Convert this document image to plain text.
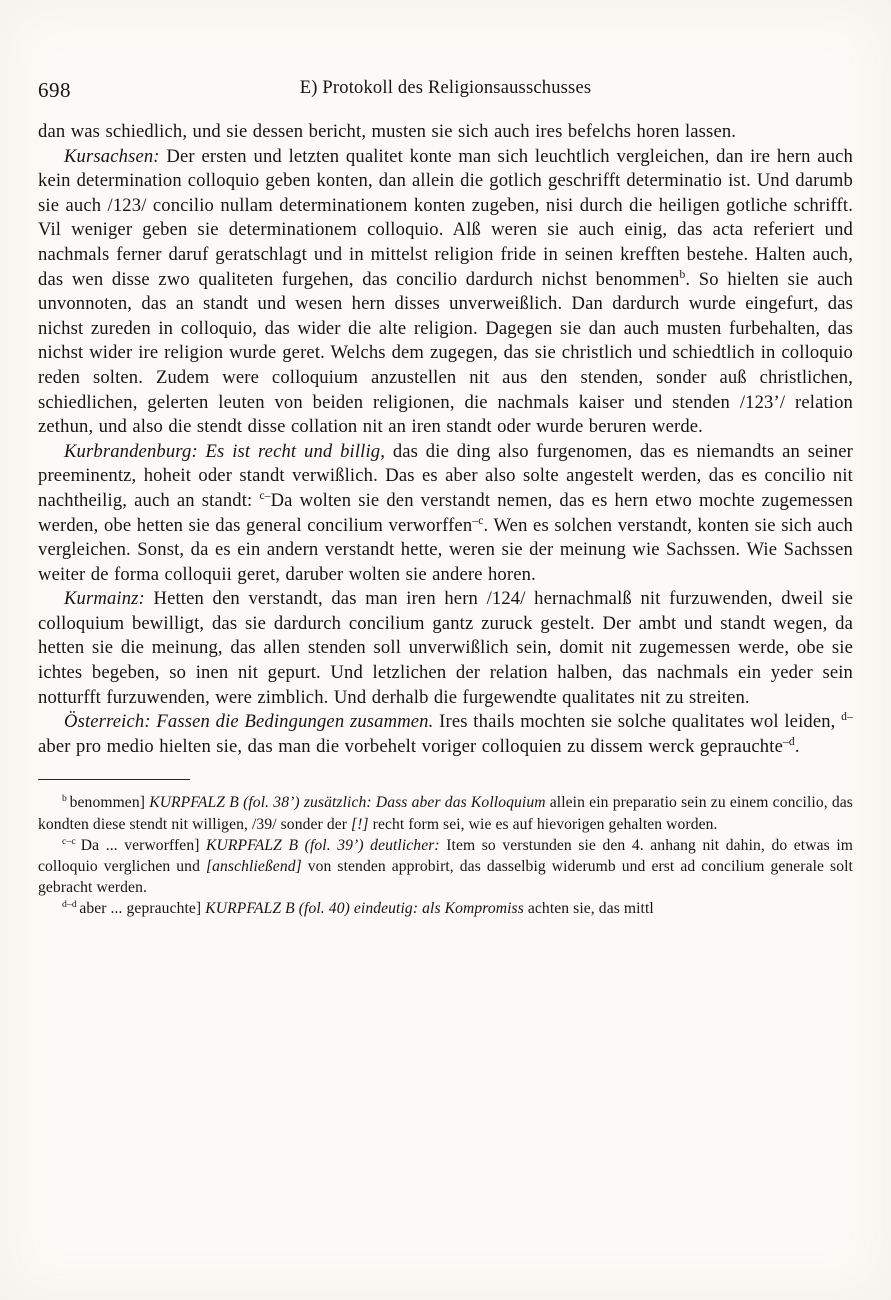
698	E) Protokoll des Religionsausschusses

dan was schiedlich, und sie dessen bericht, musten sie sich auch ires befelchs horen lassen.

Kursachsen: Der ersten und letzten qualitet konte man sich leuchtlich vergleichen, dan ire hern auch kein determination colloquio geben konten, dan allein die gotlich geschrifft determinatio ist. Und darumb sie auch /123/ concilio nullam determinationem konten zugeben, nisi durch die heiligen gotliche schrifft. Vil weniger geben sie determinationem colloquio. Alß weren sie auch einig, das acta referiert und nachmals ferner daruf geratschlagt und in mittelst religion fride in seinen krefften bestehe. Halten auch, das wen disse zwo qualiteten furgehen, das concilio dardurch nichst benommen$^b$. So hielten sie auch unvonnoten, das an standt und wesen hern disses unverweißlich. Dan dardurch wurde eingefurt, das nichst zureden in colloquio, das wider die alte religion. Dagegen sie dan auch musten furbehalten, das nichst wider ire religion wurde geret. Welchs dem zugegen, das sie christlich und schiedtlich in colloquio reden solten. Zudem were colloquium anzustellen nit aus den stenden, sonder auß christlichen, schiedlichen, gelerten leuten von beiden religionen, die nachmals kaiser und stenden /123’/ relation zethun, und also die stendt disse collation nit an iren standt oder wurde beruren werde.

Kurbrandenburg: Es ist recht und billig, das die ding also furgenomen, das es niemandts an seiner preeminentz, hoheit oder standt verwißlich. Das es aber also solte angestelt werden, das es concilio nit nachtheilig, auch an standt: $^{c-}$Da wolten sie den verstandt nemen, das es hern etwo mochte zugemessen werden, obe hetten sie das general concilium verworffen$^{-c}$. Wen es solchen verstandt, konten sie sich auch vergleichen. Sonst, da es ein andern verstandt hette, weren sie der meinung wie Sachssen. Wie Sachssen weiter de forma colloquii geret, daruber wolten sie andere horen.

Kurmainz: Hetten den verstandt, das man iren hern /124/ hernachmalß nit furzuwenden, dweil sie colloquium bewilligt, das sie dardurch concilium gantz zuruck gestelt. Der ambt und standt wegen, da hetten sie die meinung, das allen stenden soll unverwißlich sein, domit nit zugemessen werde, obe sie ichtes begeben, so inen nit gepurt. Und letzlichen der relation halben, das nachmals ein yeder sein notturfft furzuwenden, were zimblich. Und derhalb die furgewendte qualitates nit zu streiten.

Österreich: Fassen die Bedingungen zusammen. Ires thails mochten sie solche qualitates wol leiden, $^{d-}$aber pro medio hielten sie, das man die vorbehelt voriger colloquien zu dissem werck geprauchte$^{-d}$.

$^b$ benommen] KURPFALZ B (fol. 38’) zusätzlich: Dass aber das Kolloquium allein ein preparatio sein zu einem concilio, das kondten diese stendt nit willigen, /39/ sonder der [!] recht form sei, wie es auf hievorigen gehalten worden.

$^{c-c}$ Da ... verworffen] KURPFALZ B (fol. 39’) deutlicher: Item so verstunden sie den 4. anhang nit dahin, do etwas im colloquio verglichen und [anschließend] von stenden approbirt, das dasselbig widerumb und erst ad concilium generale solt gebracht werden.

$^{d-d}$ aber ... geprauchte] KURPFALZ B (fol. 40) eindeutig: als Kompromiss achten sie, das mittl
